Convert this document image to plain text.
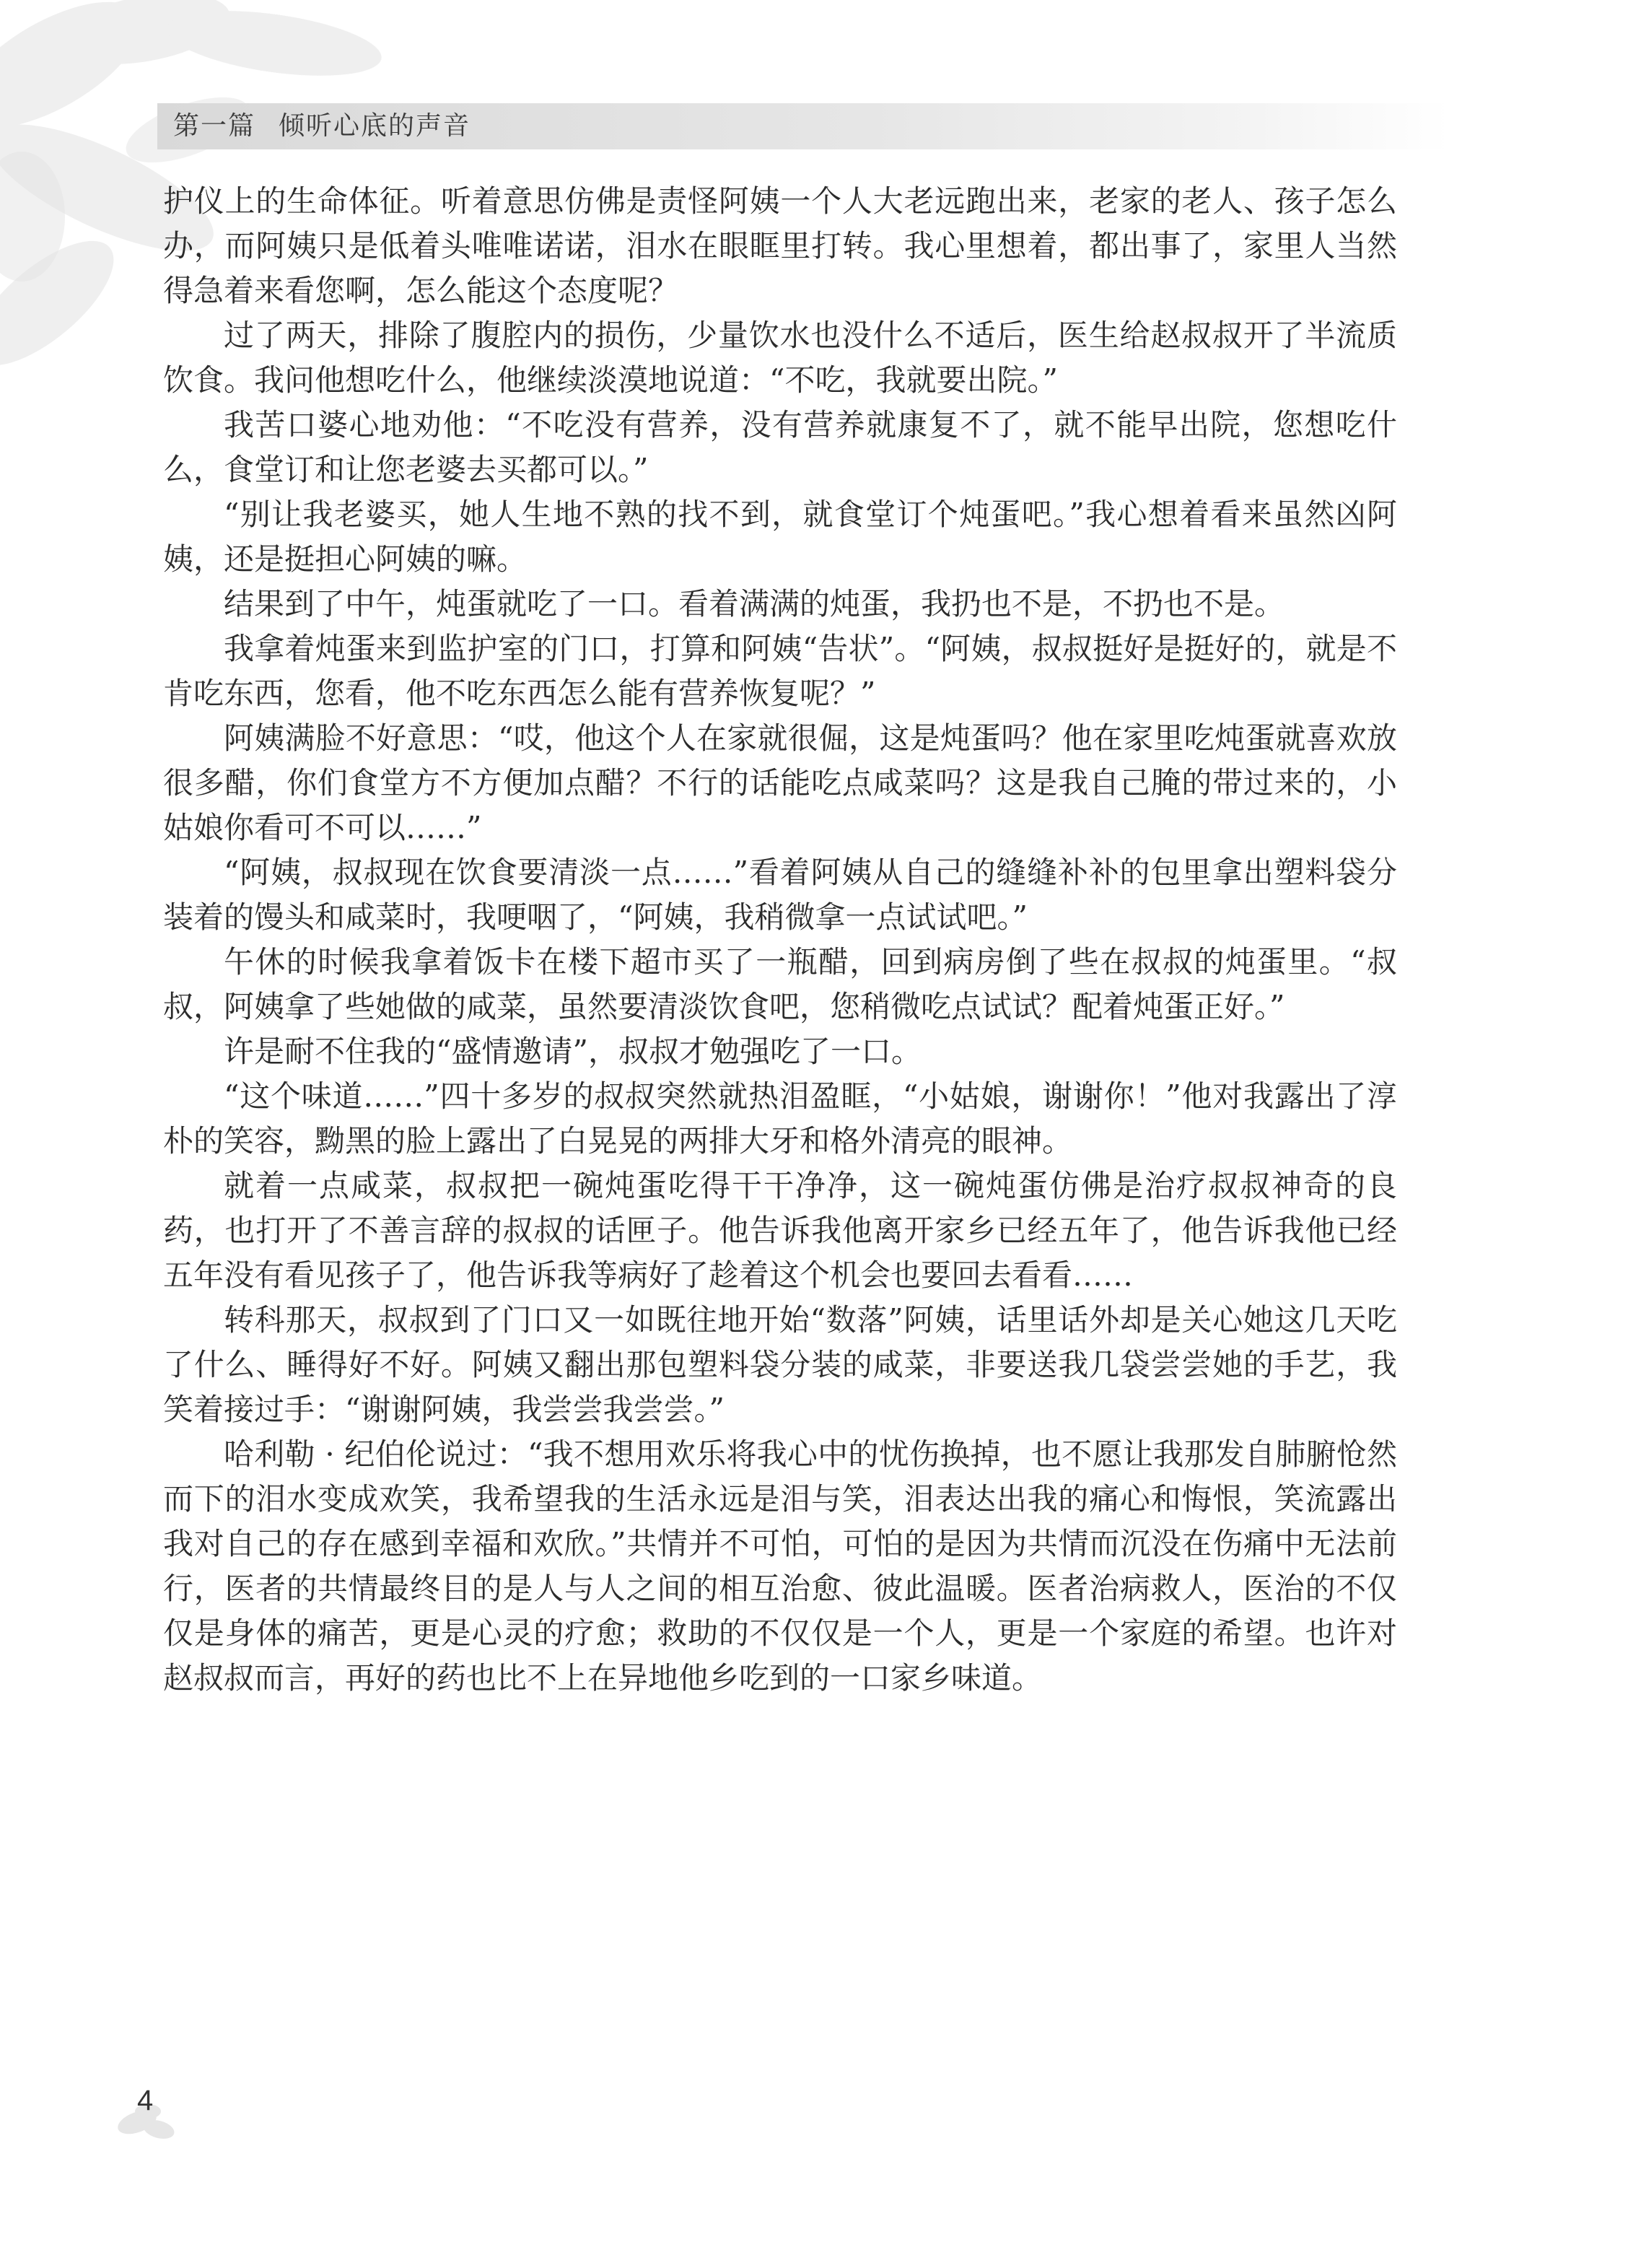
第一篇 倾听心底的声音

护仪上的生命体征。听着意思仿佛是责怪阿姨一个人大老远跑出来，老家的老人、孩子怎么办，而阿姨只是低着头唯唯诺诺，泪水在眼眶里打转。我心里想着，都出事了，家里人当然得急着来看您啊，怎么能这个态度呢？

过了两天，排除了腹腔内的损伤，少量饮水也没什么不适后，医生给赵叔叔开了半流质饮食。我问他想吃什么，他继续淡漠地说道：“不吃，我就要出院。”

我苦口婆心地劝他：“不吃没有营养，没有营养就康复不了，就不能早出院，您想吃什么，食堂订和让您老婆去买都可以。”

“别让我老婆买，她人生地不熟的找不到，就食堂订个炖蛋吧。”我心想着看来虽然凶阿姨，还是挺担心阿姨的嘛。

结果到了中午，炖蛋就吃了一口。看着满满的炖蛋，我扔也不是，不扔也不是。

我拿着炖蛋来到监护室的门口，打算和阿姨“告状”。“阿姨，叔叔挺好是挺好的，就是不肯吃东西，您看，他不吃东西怎么能有营养恢复呢？”

阿姨满脸不好意思：“哎，他这个人在家就很倔，这是炖蛋吗？他在家里吃炖蛋就喜欢放很多醋，你们食堂方不方便加点醋？不行的话能吃点咸菜吗？这是我自己腌的带过来的，小姑娘你看可不可以……”

“阿姨，叔叔现在饮食要清淡一点……”看着阿姨从自己的缝缝补补的包里拿出塑料袋分装着的馒头和咸菜时，我哽咽了，“阿姨，我稍微拿一点试试吧。”

午休的时候我拿着饭卡在楼下超市买了一瓶醋，回到病房倒了些在叔叔的炖蛋里。“叔叔，阿姨拿了些她做的咸菜，虽然要清淡饮食吧，您稍微吃点试试？配着炖蛋正好。”

许是耐不住我的“盛情邀请”，叔叔才勉强吃了一口。

“这个味道……”四十多岁的叔叔突然就热泪盈眶，“小姑娘，谢谢你！”他对我露出了淳朴的笑容，黝黑的脸上露出了白晃晃的两排大牙和格外清亮的眼神。

就着一点咸菜，叔叔把一碗炖蛋吃得干干净净，这一碗炖蛋仿佛是治疗叔叔神奇的良药，也打开了不善言辞的叔叔的话匣子。他告诉我他离开家乡已经五年了，他告诉我他已经五年没有看见孩子了，他告诉我等病好了趁着这个机会也要回去看看……

转科那天，叔叔到了门口又一如既往地开始“数落”阿姨，话里话外却是关心她这几天吃了什么、睡得好不好。阿姨又翻出那包塑料袋分装的咸菜，非要送我几袋尝尝她的手艺，我笑着接过手：“谢谢阿姨，我尝尝我尝尝。”

哈利勒 · 纪伯伦说过：“我不想用欢乐将我心中的忧伤换掉，也不愿让我那发自肺腑怆然而下的泪水变成欢笑，我希望我的生活永远是泪与笑，泪表达出我的痛心和悔恨，笑流露出我对自己的存在感到幸福和欢欣。”共情并不可怕，可怕的是因为共情而沉没在伤痛中无法前行，医者的共情最终目的是人与人之间的相互治愈、彼此温暖。医者治病救人，医治的不仅仅是身体的痛苦，更是心灵的疗愈；救助的不仅仅是一个人，更是一个家庭的希望。也许对赵叔叔而言，再好的药也比不上在异地他乡吃到的一口家乡味道。

4
